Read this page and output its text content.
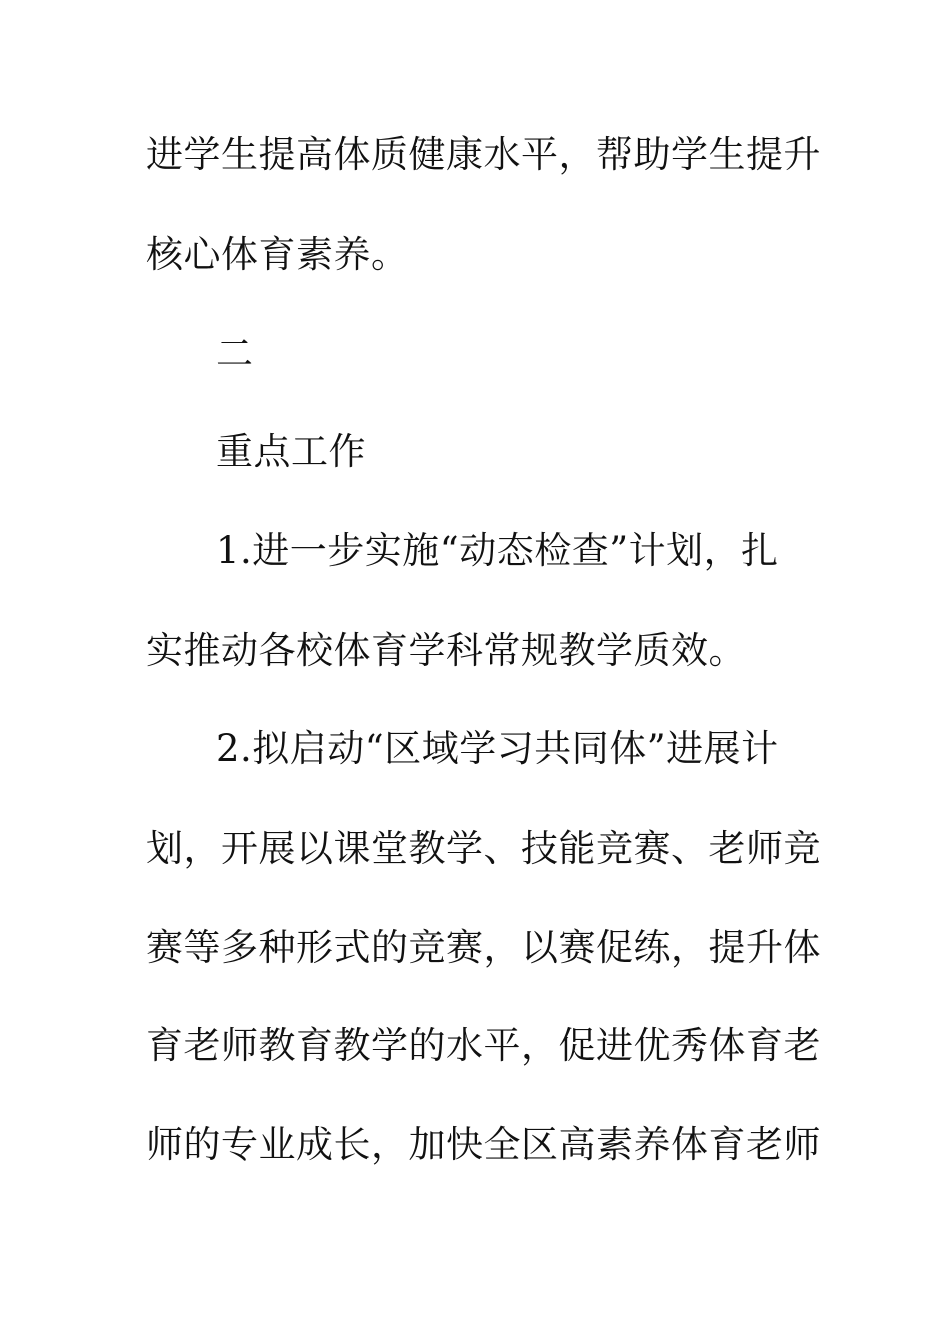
进学生提高体质健康水平，帮助学生提升
核心体育素养。
二
重点工作
1.进一步实施“动态检查”计划，扎
实推动各校体育学科常规教学质效。
2.拟启动“区域学习共同体”进展计
划，开展以课堂教学、技能竞赛、老师竞
赛等多种形式的竞赛，以赛促练，提升体
育老师教育教学的水平，促进优秀体育老
师的专业成长，加快全区高素养体育老师
